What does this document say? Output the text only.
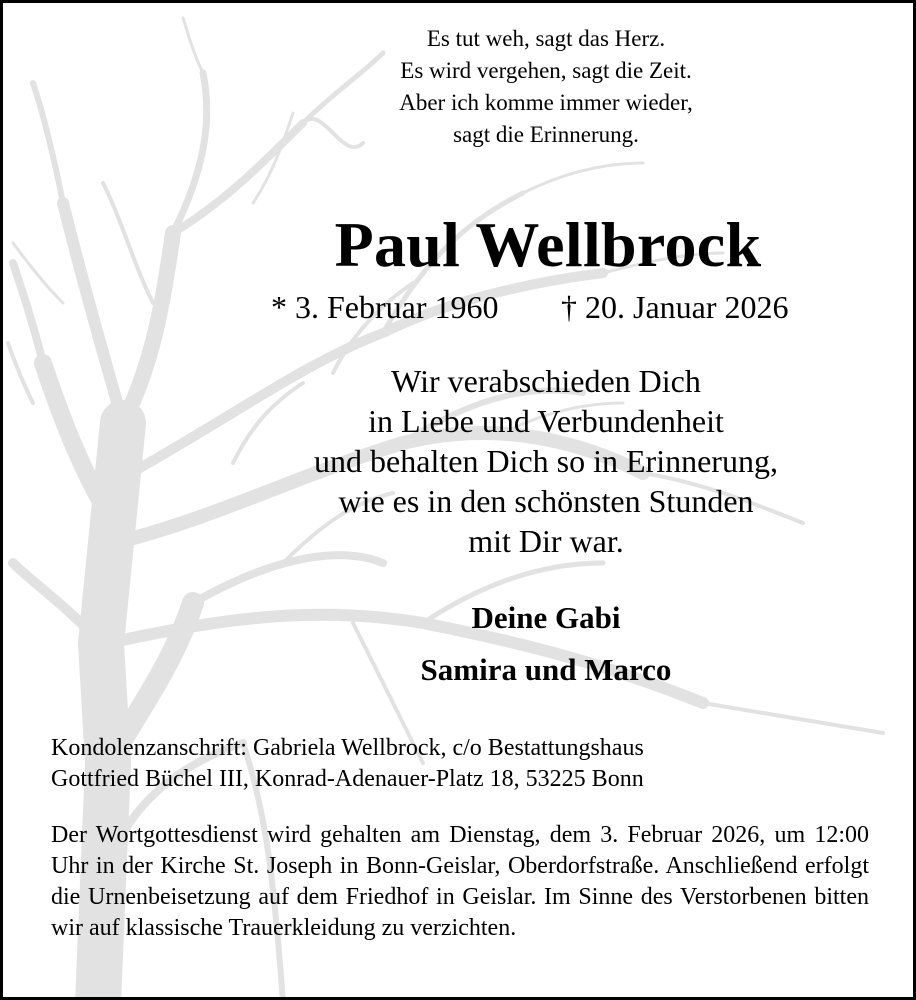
Es tut weh, sagt das Herz.
Es wird vergehen, sagt die Zeit.
Aber ich komme immer wieder,
sagt die Erinnerung.
Paul Wellbrock
* 3. Februar 1960 † 20. Januar 2026
Wir verabschieden Dich
in Liebe und Verbundenheit
und behalten Dich so in Erinnerung,
wie es in den schönsten Stunden
mit Dir war.
Deine Gabi
Samira und Marco
Kondolenzanschrift: Gabriela Wellbrock, c/o Bestattungshaus
Gottfried Büchel III, Konrad-Adenauer-Platz 18, 53225 Bonn
Der Wortgottesdienst wird gehalten am Dienstag, dem 3. Februar 2026, um 12:00 Uhr in der Kirche St. Joseph in Bonn-Geislar, Oberdorfstraße. Anschließend erfolgt die Urnenbeisetzung auf dem Friedhof in Geislar. Im Sinne des Verstorbenen bitten wir auf klassische Trauerkleidung zu verzichten.
